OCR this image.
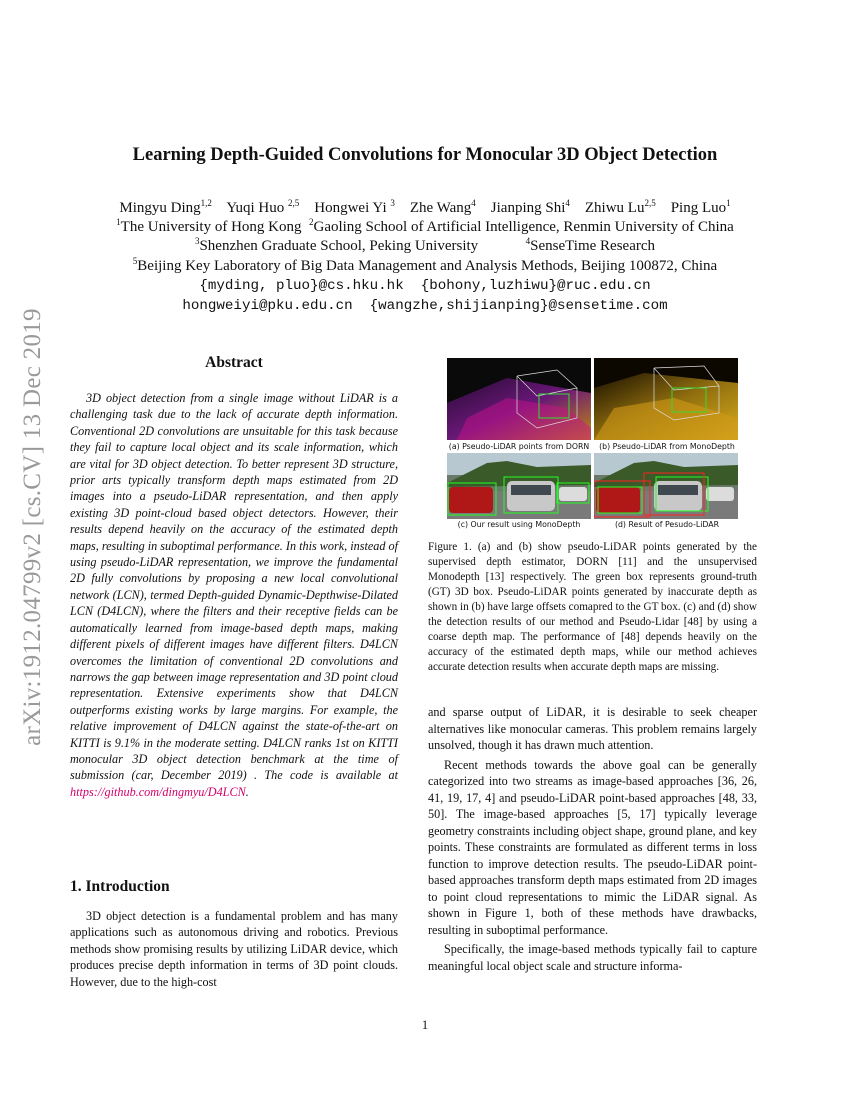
arXiv:1912.04799v2 [cs.CV] 13 Dec 2019
Learning Depth-Guided Convolutions for Monocular 3D Object Detection
Mingyu Ding$^{1,2}$ Yuqi Huo $^{2,5}$ Hongwei Yi $^3$ Zhe Wang$^4$ Jianping Shi$^4$ Zhiwu Lu$^{2,5}$ Ping Luo$^1$
$^1$The University of Hong Kong $^2$Gaoling School of Artificial Intelligence, Renmin University of China
$^3$Shenzhen Graduate School, Peking University	$^4$SenseTime Research
$^5$Beijing Key Laboratory of Big Data Management and Analysis Methods, Beijing 100872, China
{myding, pluo}@cs.hku.hk {bohony,luzhiwu}@ruc.edu.cn
hongweiyi@pku.edu.cn {wangzhe,shijianping}@sensetime.com
Abstract

3D object detection from a single image without LiDAR is a challenging task due to the lack of accurate depth information. Conventional 2D convolutions are unsuitable for this task because they fail to capture local object and its scale information, which are vital for 3D object detection. To better represent 3D structure, prior arts typically transform depth maps estimated from 2D images into a pseudo-LiDAR representation, and then apply existing 3D point-cloud based object detectors. However, their results depend heavily on the accuracy of the estimated depth maps, resulting in suboptimal performance. In this work, instead of using pseudo-LiDAR representation, we improve the fundamental 2D fully convolutions by proposing a new local convolutional network (LCN), termed Depth-guided Dynamic-Depthwise-Dilated LCN (D4LCN), where the filters and their receptive fields can be automatically learned from image-based depth maps, making different pixels of different images have different filters. D4LCN overcomes the limitation of conventional 2D convolutions and narrows the gap between image representation and 3D point cloud representation. Extensive experiments show that D4LCN outperforms existing works by large margins. For example, the relative improvement of D4LCN against the state-of-the-art on KITTI is 9.1% in the moderate setting. D4LCN ranks 1st on KITTI monocular 3D object detection benchmark at the time of submission (car, December 2019) . The code is available at https://github.com/dingmyu/D4LCN.

1. Introduction

3D object detection is a fundamental problem and has many applications such as autonomous driving and robotics. Previous methods show promising results by utilizing LiDAR device, which produces precise depth information in terms of 3D point clouds. However, due to the high-cost

(a) Pseudo-LiDAR points from DORN	(b) Pseudo-LiDAR from MonoDepth
(c) Our result using MonoDepth	(d) Result of Pesudo-LiDAR

Figure 1. (a) and (b) show pseudo-LiDAR points generated by the supervised depth estimator, DORN [11] and the unsupervised Monodepth [13] respectively. The green box represents ground-truth (GT) 3D box. Pseudo-LiDAR points generated by inaccurate depth as shown in (b) have large offsets comapred to the GT box. (c) and (d) show the detection results of our method and Pseudo-Lidar [48] by using a coarse depth map. The performance of [48] depends heavily on the accuracy of the estimated depth maps, while our method achieves accurate detection results when accurate depth maps are missing.

and sparse output of LiDAR, it is desirable to seek cheaper alternatives like monocular cameras. This problem remains largely unsolved, though it has drawn much attention.

Recent methods towards the above goal can be generally categorized into two streams as image-based approaches [36, 26, 41, 19, 17, 4] and pseudo-LiDAR point-based approaches [48, 33, 50]. The image-based approaches [5, 17] typically leverage geometry constraints including object shape, ground plane, and key points. These constraints are formulated as different terms in loss function to improve detection results. The pseudo-LiDAR point-based approaches transform depth maps estimated from 2D images to point cloud representations to mimic the LiDAR signal. As shown in Figure 1, both of these methods have drawbacks, resulting in suboptimal performance.

Specifically, the image-based methods typically fail to capture meaningful local object scale and structure informa-

1
